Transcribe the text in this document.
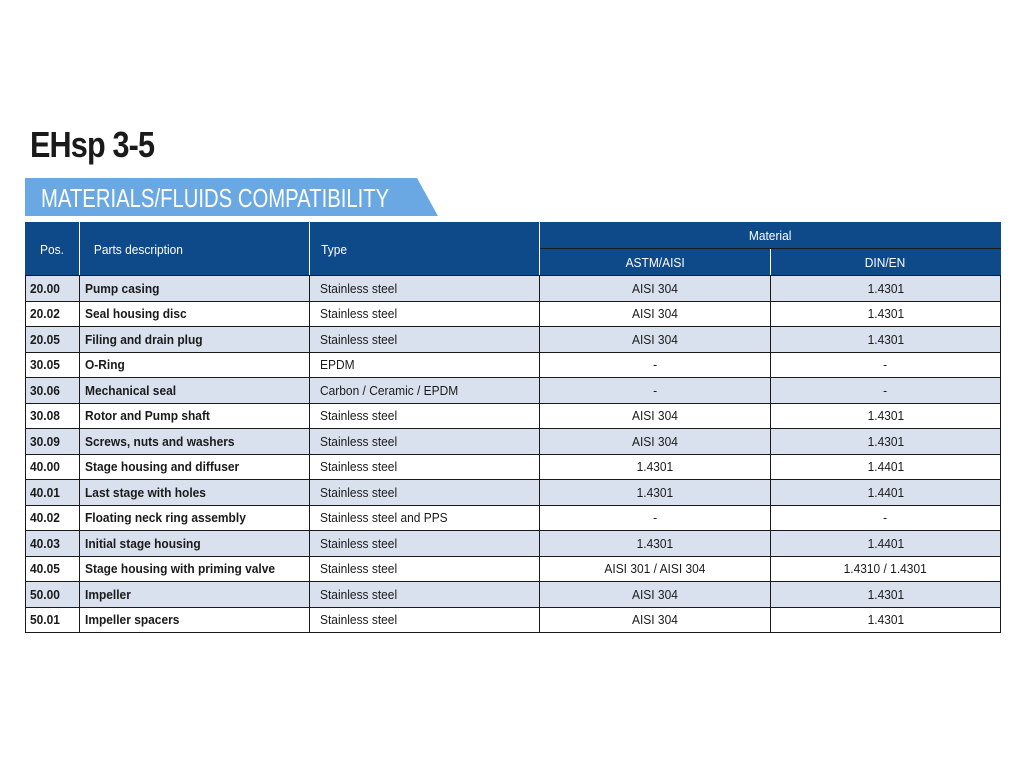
EHsp 3-5
MATERIALS/FLUIDS COMPATIBILITY
Pos.	Parts description	Type	Material	
			ASTM/AISI	DIN/EN
20.00	Pump casing	Stainless steel	AISI 304	1.4301
20.02	Seal housing disc	Stainless steel	AISI 304	1.4301
20.05	Filing and drain plug	Stainless steel	AISI 304	1.4301
30.05	O-Ring	EPDM	-	-
30.06	Mechanical seal	Carbon / Ceramic / EPDM	-	-
30.08	Rotor and Pump shaft	Stainless steel	AISI 304	1.4301
30.09	Screws, nuts and washers	Stainless steel	AISI 304	1.4301
40.00	Stage housing and diffuser	Stainless steel	1.4301	1.4401
40.01	Last stage with holes	Stainless steel	1.4301	1.4401
40.02	Floating neck ring assembly	Stainless steel and PPS	-	-
40.03	Initial stage housing	Stainless steel	1.4301	1.4401
40.05	Stage housing with priming valve	Stainless steel	AISI 301 / AISI 304	1.4310 / 1.4301
50.00	Impeller	Stainless steel	AISI 304	1.4301
50.01	Impeller spacers	Stainless steel	AISI 304	1.4301
